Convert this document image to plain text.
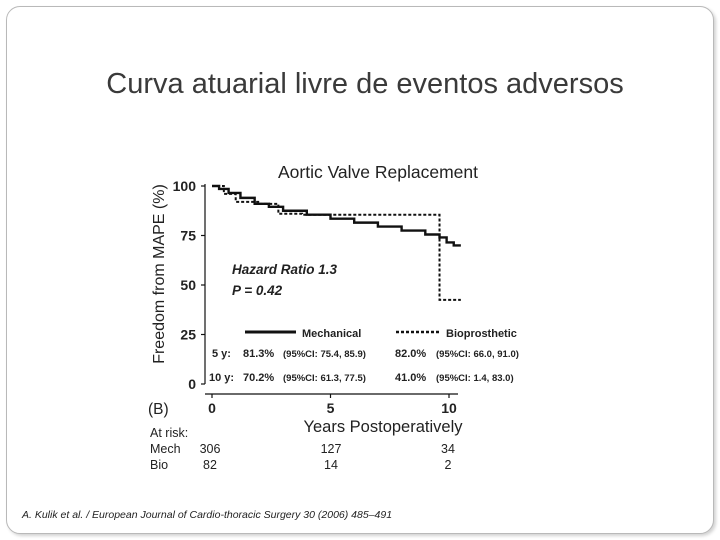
Curva atuarial livre de eventos adversos
100
75
50
25
0
0	5	10
Aortic Valve Replacement
Freedom from MAPE (%)
Years Postoperatively
(B)
Hazard Ratio 1.3
P = 0.42
Mechanical	Bioprosthetic
5 y: 81.3% (95%CI: 75.4, 85.9)	82.0% (95%CI: 66.0, 91.0)
10 y: 70.2% (95%CI: 61.3, 77.5)	41.0% (95%CI: 1.4, 83.0)
At risk:
Mech 306	127	34
Bio	82	14	2
A. Kulik et al. / European Journal of Cardio-thoracic Surgery 30 (2006) 485–491
